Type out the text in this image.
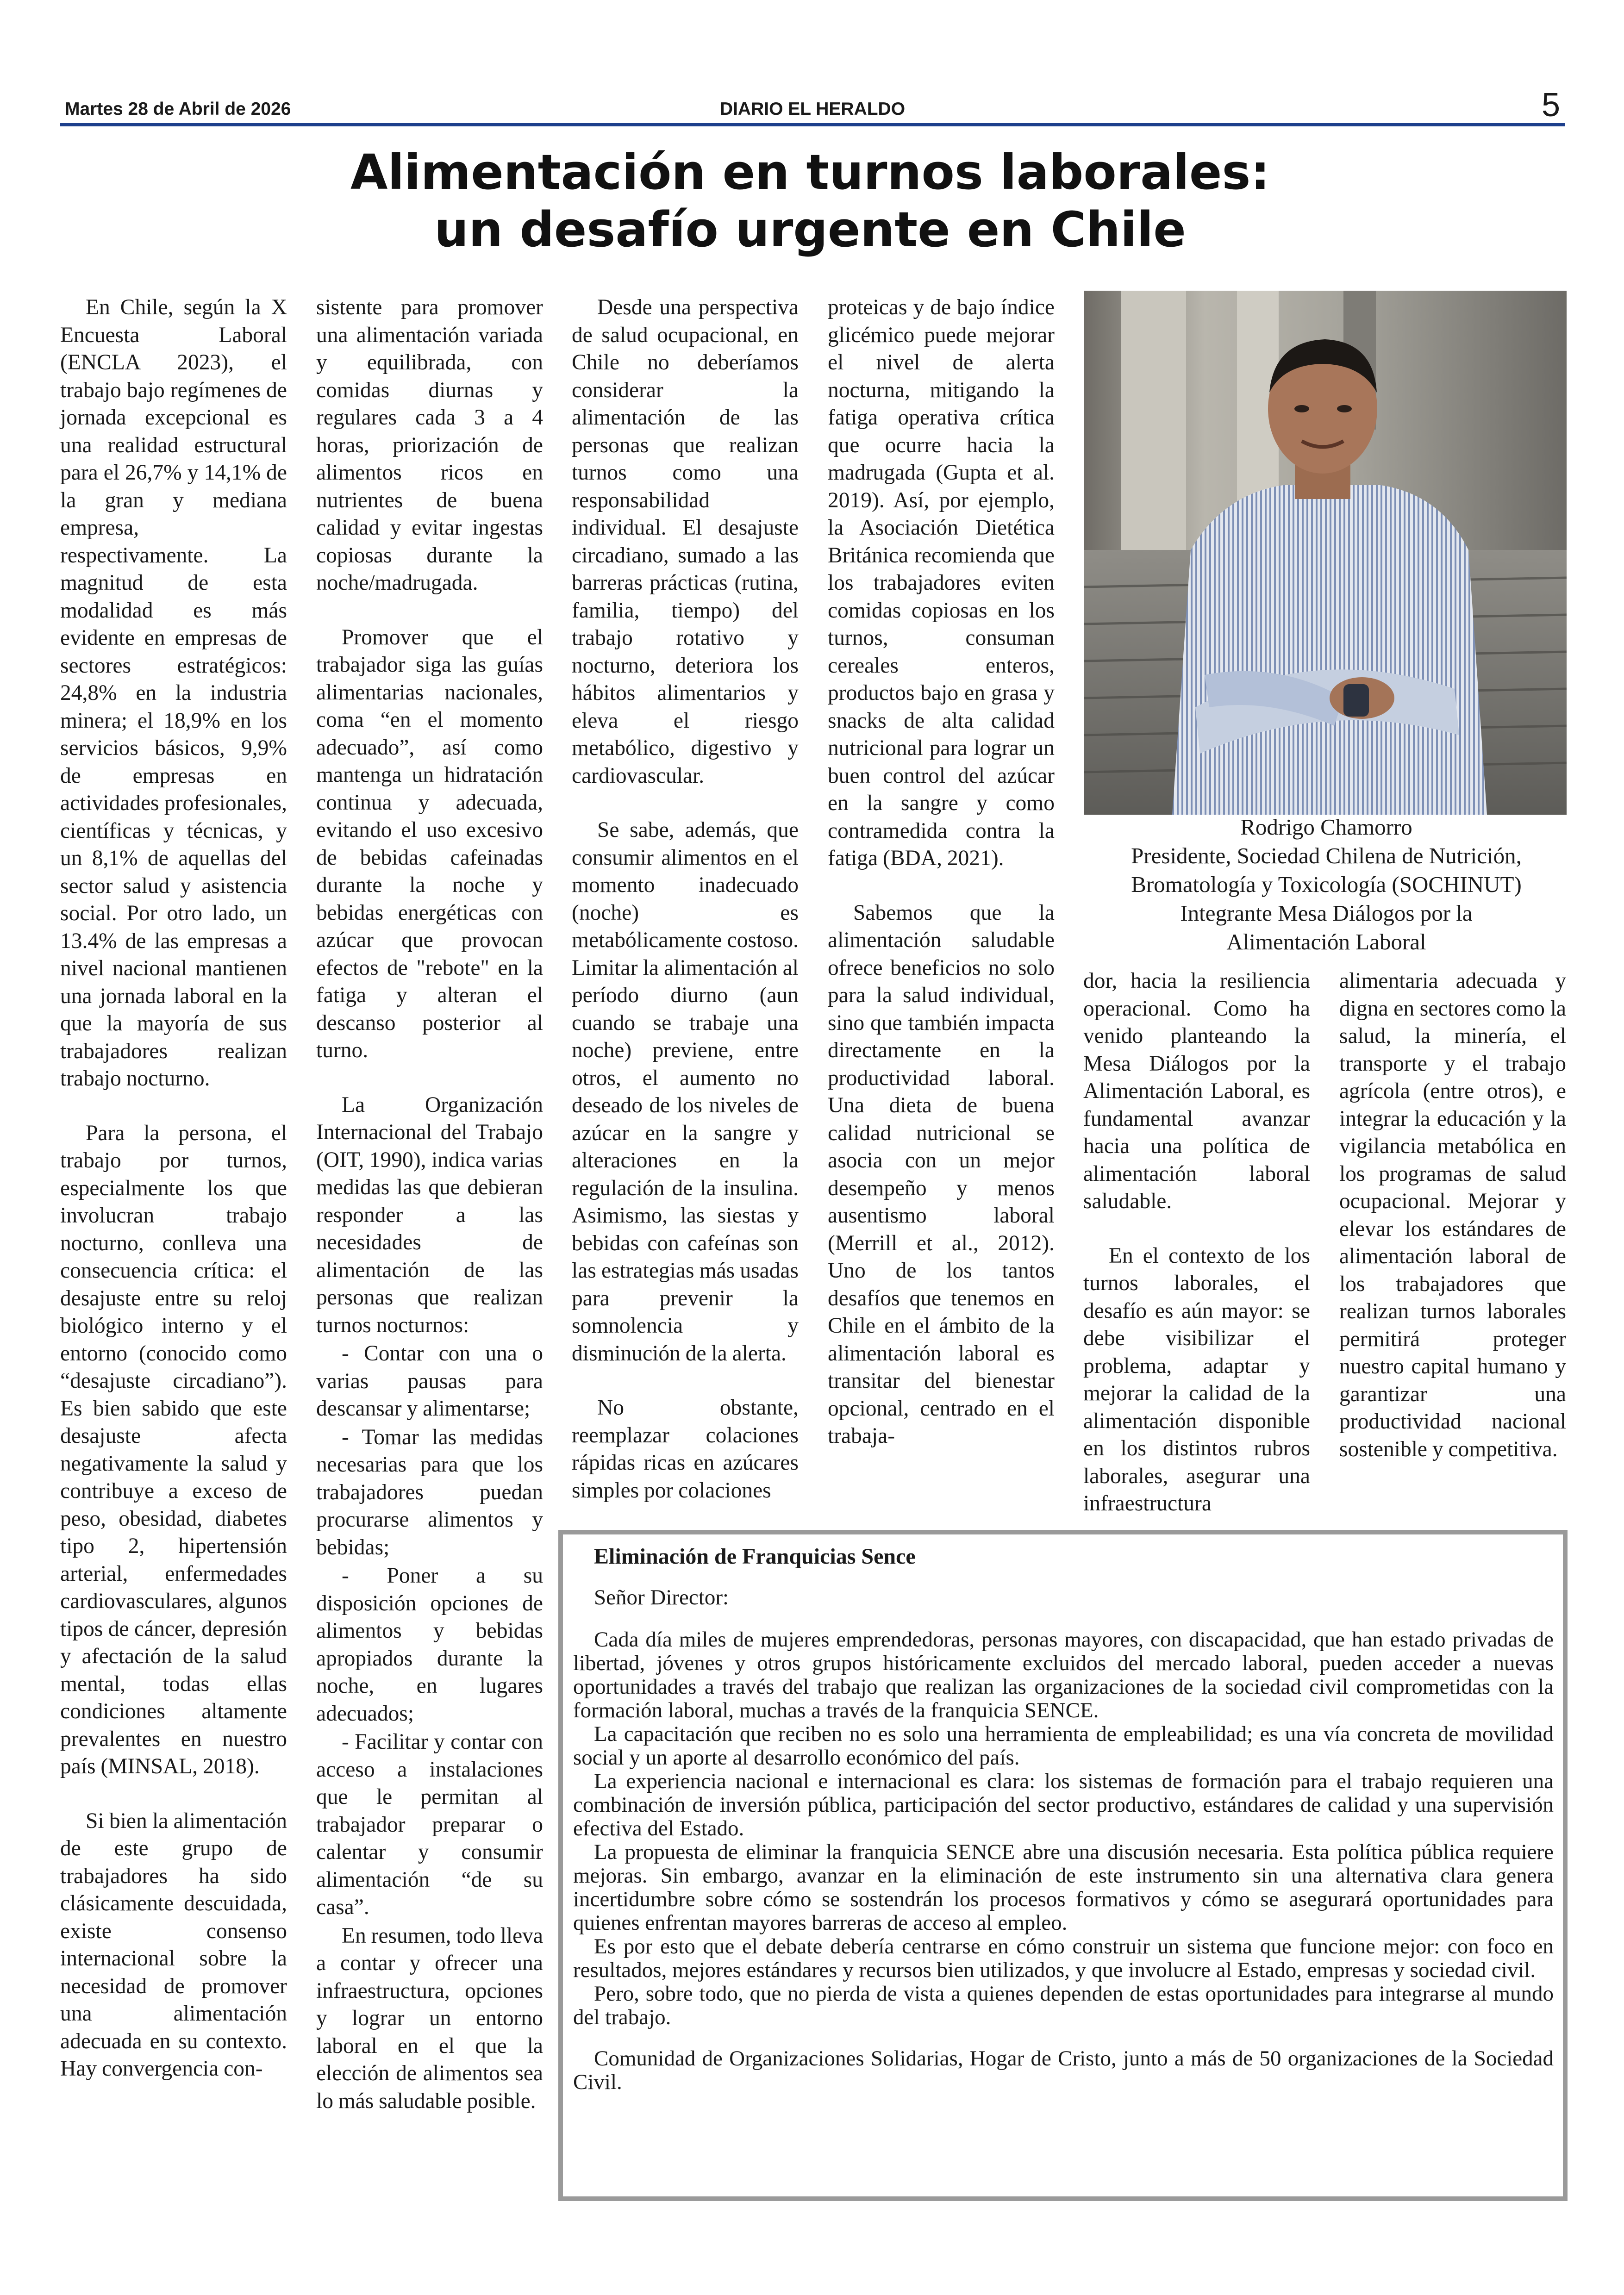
Martes 28 de Abril de 2026	DIARIO EL HERALDO	5
Alimentación en turnos laborales:
un desafío urgente en Chile

En Chile, según la X Encuesta Laboral (ENCLA 2023), el trabajo bajo regímenes de jornada excepcional es una realidad estructural para el 26,7% y 14,1% de la gran y mediana empresa, respectivamente. La magnitud de esta modalidad es más evidente en empresas de sectores estratégicos: 24,8% en la industria minera; el 18,9% en los servicios básicos, 9,9% de empresas en actividades profesionales, científicas y técnicas, y un 8,1% de aquellas del sector salud y asistencia social. Por otro lado, un 13.4% de las empresas a nivel nacional mantienen una jornada laboral en la que la mayoría de sus trabajadores realizan trabajo nocturno.

Para la persona, el trabajo por turnos, especialmente los que involucran trabajo nocturno, conlleva una consecuencia crítica: el desajuste entre su reloj biológico interno y el entorno (conocido como “desajuste circadiano”). Es bien sabido que este desajuste afecta negativamente la salud y contribuye a exceso de peso, obesidad, diabetes tipo 2, hipertensión arterial, enfermedades cardiovasculares, algunos tipos de cáncer, depresión y afectación de la salud mental, todas ellas condiciones altamente prevalentes en nuestro país (MINSAL, 2018).

Si bien la alimentación de este grupo de trabajadores ha sido clásicamente descuidada, existe consenso internacional sobre la necesidad de promover una alimentación adecuada en su contexto. Hay convergencia con-

sistente para promover una alimentación variada y equilibrada, con comidas diurnas y regulares cada 3 a 4 horas, priorización de alimentos ricos en nutrientes de buena calidad y evitar ingestas copiosas durante la noche/madrugada.

Promover que el trabajador siga las guías alimentarias nacionales, coma “en el momento adecuado”, así como mantenga un hidratación continua y adecuada, evitando el uso excesivo de bebidas cafeinadas durante la noche y bebidas energéticas con azúcar que provocan efectos de "rebote" en la fatiga y alteran el descanso posterior al turno.

La Organización Internacional del Trabajo (OIT, 1990), indica varias medidas las que debieran responder a las necesidades de alimentación de las personas que realizan turnos nocturnos:

- Contar con una o varias pausas para descansar y alimentarse;

- Tomar las medidas necesarias para que los trabajadores puedan procurarse alimentos y bebidas;

- Poner a su disposición opciones de alimentos y bebidas apropiados durante la noche, en lugares adecuados;

- Facilitar y contar con acceso a instalaciones que le permitan al trabajador preparar o calentar y consumir alimentación “de su casa”.

En resumen, todo lleva a contar y ofrecer una infraestructura, opciones y lograr un entorno laboral en el que la elección de alimentos sea lo más saludable posible.

Desde una perspectiva de salud ocupacional, en Chile no deberíamos considerar la alimentación de las personas que realizan turnos como una responsabilidad individual. El desajuste circadiano, sumado a las barreras prácticas (rutina, familia, tiempo) del trabajo rotativo y nocturno, deteriora los hábitos alimentarios y eleva el riesgo metabólico, digestivo y cardiovascular.

Se sabe, además, que consumir alimentos en el momento inadecuado (noche) es metabólicamente costoso. Limitar la alimentación al período diurno (aun cuando se trabaje una noche) previene, entre otros, el aumento no deseado de los niveles de azúcar en la sangre y alteraciones en la regulación de la insulina. Asimismo, las siestas y bebidas con cafeínas son las estrategias más usadas para prevenir la somnolencia y disminución de la alerta.

No obstante, reemplazar colaciones rápidas ricas en azúcares simples por colaciones

proteicas y de bajo índice glicémico puede mejorar el nivel de alerta nocturna, mitigando la fatiga operativa crítica que ocurre hacia la madrugada (Gupta et al. 2019). Así, por ejemplo, la Asociación Dietética Británica recomienda que los trabajadores eviten comidas copiosas en los turnos, consuman cereales enteros, productos bajo en grasa y snacks de alta calidad nutricional para lograr un buen control del azúcar en la sangre y como contramedida contra la fatiga (BDA, 2021).

Sabemos que la alimentación saludable ofrece beneficios no solo para la salud individual, sino que también impacta directamente en la productividad laboral. Una dieta de buena calidad nutricional se asocia con un mejor desempeño y menos ausentismo laboral (Merrill et al., 2012). Uno de los tantos desafíos que tenemos en Chile en el ámbito de la alimentación laboral es transitar del bienestar opcional, centrado en el trabaja-

Rodrigo Chamorro
Presidente, Sociedad Chilena de Nutrición,
Bromatología y Toxicología (SOCHINUT)
Integrante Mesa Diálogos por la
Alimentación Laboral

dor, hacia la resiliencia operacional. Como ha venido planteando la Mesa Diálogos por la Alimentación Laboral, es fundamental avanzar hacia una política de alimentación laboral saludable.

En el contexto de los turnos laborales, el desafío es aún mayor: se debe visibilizar el problema, adaptar y mejorar la calidad de la alimentación disponible en los distintos rubros laborales, asegurar una infraestructura

alimentaria adecuada y digna en sectores como la salud, la minería, el transporte y el trabajo agrícola (entre otros), e integrar la educación y la vigilancia metabólica en los programas de salud ocupacional. Mejorar y elevar los estándares de alimentación laboral de los trabajadores que realizan turnos laborales permitirá proteger nuestro capital humano y garantizar una productividad nacional sostenible y competitiva.

Eliminación de Franquicias Sence
Señor Director:

Cada día miles de mujeres emprendedoras, personas mayores, con discapacidad, que han estado privadas de libertad, jóvenes y otros grupos históricamente excluidos del mercado laboral, pueden acceder a nuevas oportunidades a través del trabajo que realizan las organizaciones de la sociedad civil comprometidas con la formación laboral, muchas a través de la franquicia SENCE.

La capacitación que reciben no es solo una herramienta de empleabilidad; es una vía concreta de movilidad social y un aporte al desarrollo económico del país.

La experiencia nacional e internacional es clara: los sistemas de formación para el trabajo requieren una combinación de inversión pública, participación del sector productivo, estándares de calidad y una supervisión efectiva del Estado.

La propuesta de eliminar la franquicia SENCE abre una discusión necesaria. Esta política pública requiere mejoras. Sin embargo, avanzar en la eliminación de este instrumento sin una alternativa clara genera incertidumbre sobre cómo se sostendrán los procesos formativos y cómo se asegurará oportunidades para quienes enfrentan mayores barreras de acceso al empleo.

Es por esto que el debate debería centrarse en cómo construir un sistema que funcione mejor: con foco en resultados, mejores estándares y recursos bien utilizados, y que involucre al Estado, empresas y sociedad civil.

Pero, sobre todo, que no pierda de vista a quienes dependen de estas oportunidades para integrarse al mundo del trabajo.

Comunidad de Organizaciones Solidarias, Hogar de Cristo, junto a más de 50 organizaciones de la Sociedad Civil.
